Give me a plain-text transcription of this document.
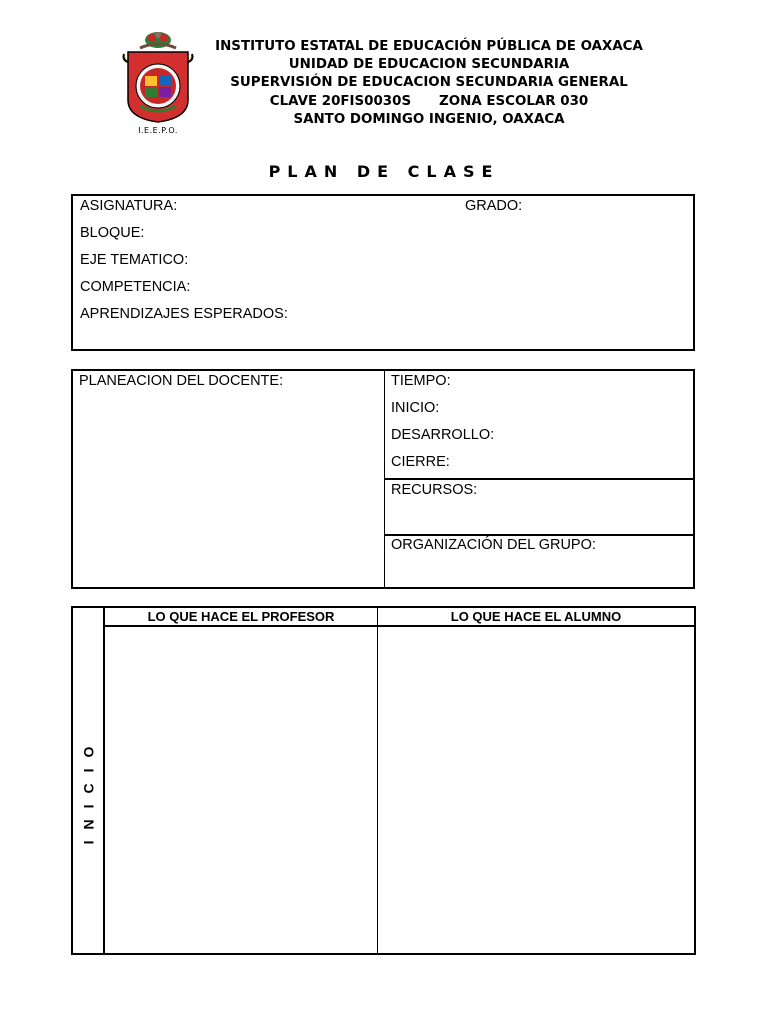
I.E.E.P.O.
INSTITUTO ESTATAL DE EDUCACIÓN PÚBLICA DE OAXACA
UNIDAD DE EDUCACION SECUNDARIA
SUPERVISIÓN DE EDUCACION SECUNDARIA GENERAL
CLAVE 20FIS0030S      ZONA ESCOLAR 030
SANTO DOMINGO INGENIO, OAXACA
PLAN DE CLASE
ASIGNATURA:	GRADO:
BLOQUE:
EJE TEMATICO:
COMPETENCIA:
APRENDIZAJES ESPERADOS:
PLANEACION DEL DOCENTE:	TIEMPO:
INICIO:
DESARROLLO:
CIERRE:
RECURSOS:
ORGANIZACIÓN DEL GRUPO:
LO QUE HACE EL PROFESOR	LO QUE HACE EL ALUMNO
INICIO
